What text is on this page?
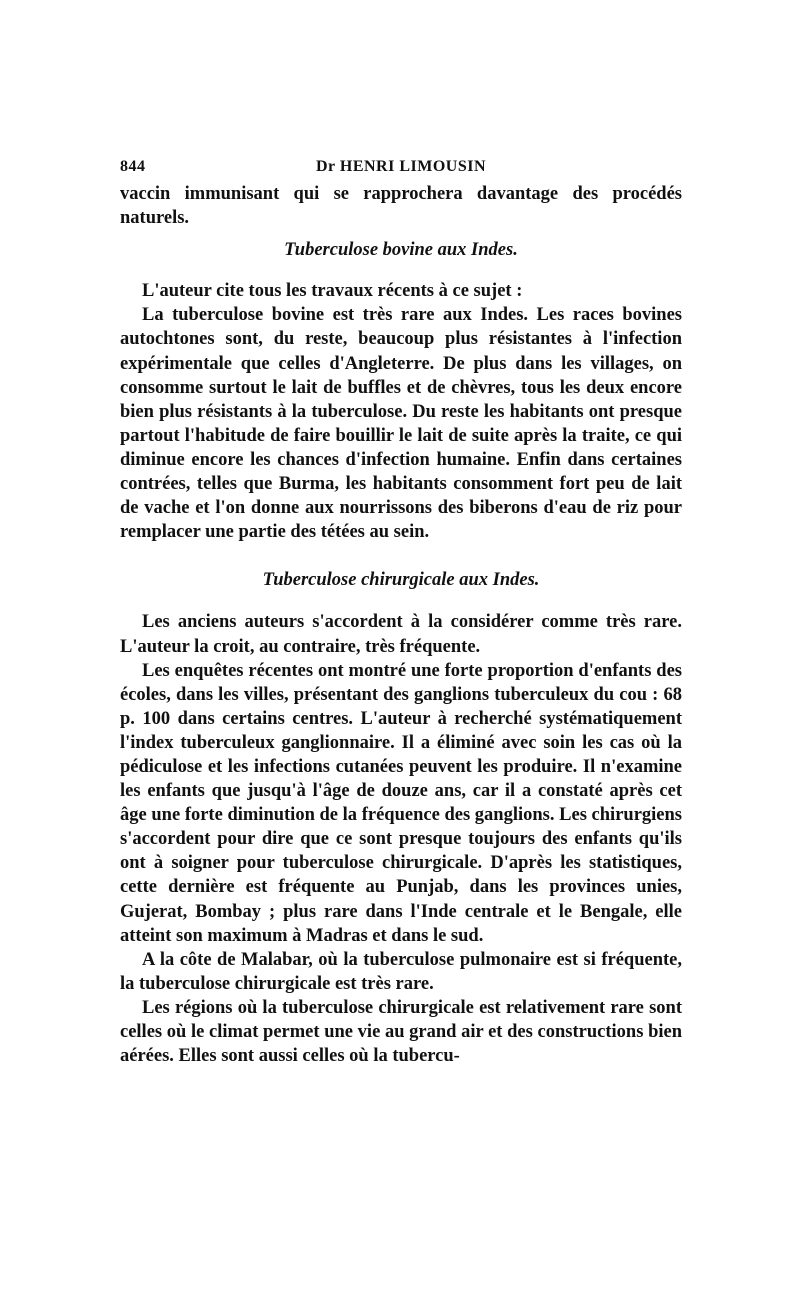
844	Dr HENRI LIMOUSIN

vaccin immunisant qui se rapprochera davantage des procédés naturels.

Tuberculose bovine aux Indes.

L'auteur cite tous les travaux récents à ce sujet :

La tuberculose bovine est très rare aux Indes. Les races bovines autochtones sont, du reste, beaucoup plus résistantes à l'infection expérimentale que celles d'Angleterre. De plus dans les villages, on consomme surtout le lait de buffles et de chèvres, tous les deux encore bien plus résistants à la tuberculose. Du reste les habitants ont presque partout l'habitude de faire bouillir le lait de suite après la traite, ce qui diminue encore les chances d'infection humaine. Enfin dans certaines contrées, telles que Burma, les habitants consomment fort peu de lait de vache et l'on donne aux nourrissons des biberons d'eau de riz pour remplacer une partie des tétées au sein.

Tuberculose chirurgicale aux Indes.

Les anciens auteurs s'accordent à la considérer comme très rare. L'auteur la croit, au contraire, très fréquente.

Les enquêtes récentes ont montré une forte proportion d'enfants des écoles, dans les villes, présentant des ganglions tuberculeux du cou : 68 p. 100 dans certains centres. L'auteur à recherché systématiquement l'index tuberculeux ganglionnaire. Il a éliminé avec soin les cas où la pédiculose et les infections cutanées peuvent les produire. Il n'examine les enfants que jusqu'à l'âge de douze ans, car il a constaté après cet âge une forte diminution de la fréquence des ganglions. Les chirurgiens s'accordent pour dire que ce sont presque toujours des enfants qu'ils ont à soigner pour tuberculose chirurgicale. D'après les statistiques, cette dernière est fréquente au Punjab, dans les provinces unies, Gujerat, Bombay ; plus rare dans l'Inde centrale et le Bengale, elle atteint son maximum à Madras et dans le sud.

A la côte de Malabar, où la tuberculose pulmonaire est si fréquente, la tuberculose chirurgicale est très rare.

Les régions où la tuberculose chirurgicale est relativement rare sont celles où le climat permet une vie au grand air et des constructions bien aérées. Elles sont aussi celles où la tubercu-
